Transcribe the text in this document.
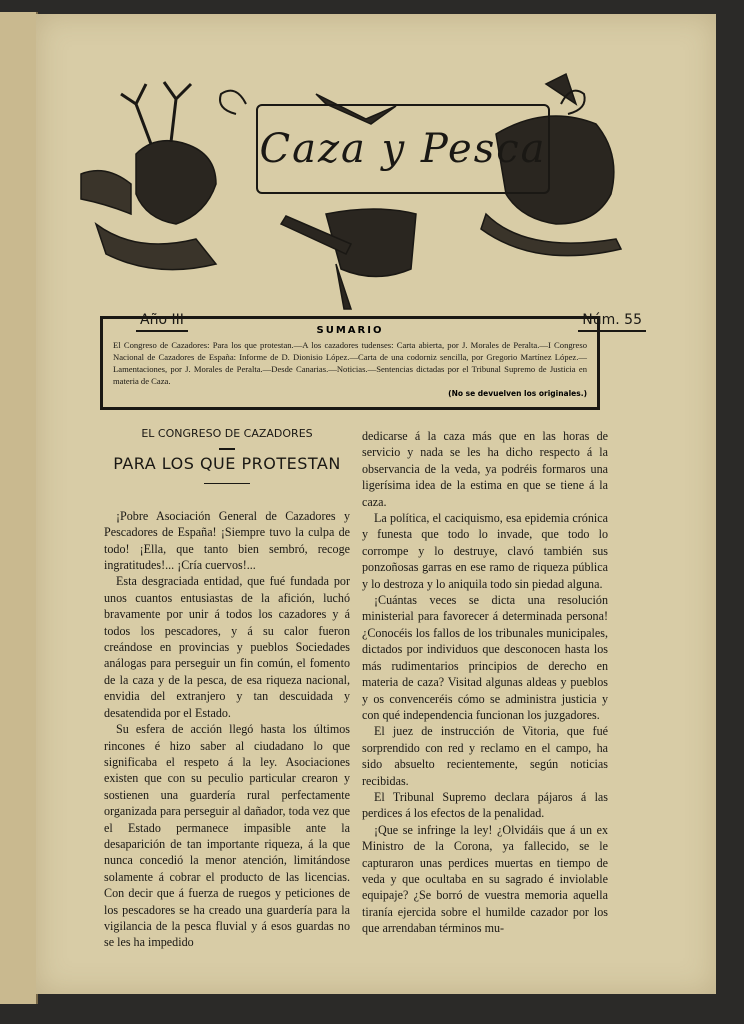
Caza y Pesca
Año III	Núm. 55
SUMARIO
El Congreso de Cazadores: Para los que protestan.—A los cazadores tudenses: Carta abierta, por J. Morales de Peralta.—I Congreso Nacional de Cazadores de España: Informe de D. Dionisio López.—Carta de una codorniz sencilla, por Gregorio Martínez López.—Lamentaciones, por J. Morales de Peralta.—Desde Canarias.—Noticias.—Sentencias dictadas por el Tribunal Supremo de Justicia en materia de Caza.
(No se devuelven los originales.)
EL CONGRESO DE CAZADORES
PARA LOS QUE PROTESTAN

¡Pobre Asociación General de Cazadores y Pescadores de España! ¡Siempre tuvo la culpa de todo! ¡Ella, que tanto bien sembró, recoge ingratitudes!... ¡Cría cuervos!...

Esta desgraciada entidad, que fué fundada por unos cuantos entusiastas de la afición, luchó bravamente por unir á todos los cazadores y á todos los pescadores, y á su calor fueron creándose en provincias y pueblos Sociedades análogas para perseguir un fin común, el fomento de la caza y de la pesca, de esa riqueza nacional, envidia del extranjero y tan descuidada y desatendida por el Estado.

Su esfera de acción llegó hasta los últimos rincones é hizo saber al ciudadano lo que significaba el respeto á la ley. Asociaciones existen que con su peculio particular crearon y sostienen una guardería rural perfectamente organizada para perseguir al dañador, toda vez que el Estado permanece impasible ante la desaparición de tan importante riqueza, á la que nunca concedió la menor atención, limitándose solamente á cobrar el producto de las licencias. Con decir que á fuerza de ruegos y peticiones de los pescadores se ha creado una guardería para la vigilancia de la pesca fluvial y á esos guardas no se les ha impedido

dedicarse á la caza más que en las horas de servicio y nada se les ha dicho respecto á la observancia de la veda, ya podréis formaros una ligerísima idea de la estima en que se tiene á la caza.

La política, el caciquismo, esa epidemia crónica y funesta que todo lo invade, que todo lo corrompe y lo destruye, clavó también sus ponzoñosas garras en ese ramo de riqueza pública y lo destroza y lo aniquila todo sin piedad alguna.

¡Cuántas veces se dicta una resolución ministerial para favorecer á determinada persona! ¿Conocéis los fallos de los tribunales municipales, dictados por individuos que desconocen hasta los más rudimentarios principios de derecho en materia de caza? Visitad algunas aldeas y pueblos y os convenceréis cómo se administra justicia y con qué independencia funcionan los juzgadores.

El juez de instrucción de Vitoria, que fué sorprendido con red y reclamo en el campo, ha sido absuelto recientemente, según noticias recibidas.

El Tribunal Supremo declara pájaros á las perdices á los efectos de la penalidad.

¡Que se infringe la ley! ¿Olvidáis que á un ex Ministro de la Corona, ya fallecido, se le capturaron unas perdices muertas en tiempo de veda y que ocultaba en su sagrado é inviolable equipaje? ¿Se borró de vuestra memoria aquella tiranía ejercida sobre el humilde cazador por los que arrendaban términos mu-
